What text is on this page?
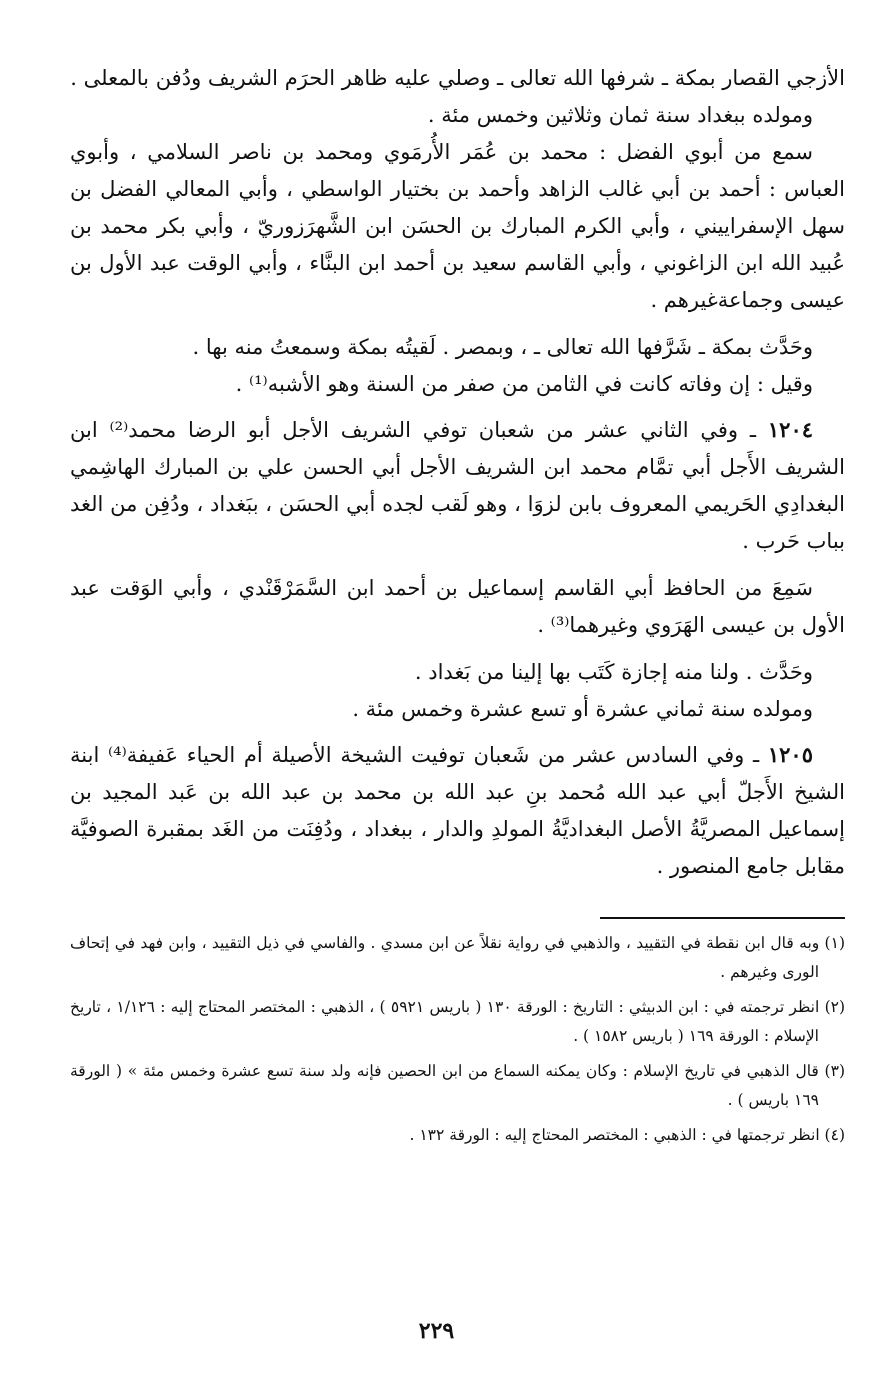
الأزجي القصار بمكة ـ شرفها الله تعالى ـ وصلي عليه ظاهر الحرَم الشريف ودُفن بالمعلى .

ومولده ببغداد سنة ثمان وثلاثين وخمس مئة .

سمع من أبوي الفضل : محمد بن عُمَر الأُرمَوي ومحمد بن ناصر السلامي ، وأبوي العباس : أحمد بن أبي غالب الزاهد وأحمد بن بختيار الواسطي ، وأبي المعالي الفضل بن سهل الإسفراييني ، وأبي الكرم المبارك بن الحسَن ابن الشَّهرَزوريّ ، وأبي بكر محمد بن عُبيد الله ابن الزاغوني ، وأبي القاسم سعيد بن أحمد ابن البنَّاء ، وأبي الوقت عبد الأول بن عيسى وجماعةغيرهم .

وحَدَّث بمكة ـ شَرَّفها الله تعالى ـ ، وبمصر . لَقيتُه بمكة وسمعتُ منه بها .

وقيل : إن وفاته كانت في الثامن من صفر من السنة وهو الأشبه⁽¹⁾ .

١٢٠٤ ـ وفي الثاني عشر من شعبان توفي الشريف الأجل أبو الرضا محمد⁽²⁾ ابن الشريف الأَجل أبي تمَّام محمد ابن الشريف الأجل أبي الحسن علي بن المبارك الهاشِمي البغدادِي الحَريمي المعروف بابن لزوَا ، وهو لَقب لجده أبي الحسَن ، ببَغداد ، ودُفِن من الغد بباب حَرب .

سَمِعَ من الحافظ أبي القاسم إسماعيل بن أحمد ابن السَّمَرْقَنْدي ، وأبي الوَقت عبد الأول بن عيسى الهَرَوي وغيرهما⁽³⁾ .

وحَدَّث . ولنا منه إجازة كَتَب بها إلينا من بَغداد .

ومولده سنة ثماني عشرة أو تسع عشرة وخمس مئة .

١٢٠٥ ـ وفي السادس عشر من شَعبان توفيت الشيخة الأصيلة أم الحياء عَفيفة⁽⁴⁾ ابنة الشيخ الأَجلّ أبي عبد الله مُحمد بنِ عبد الله بن محمد بن عبد الله بن عَبد المجيد بن إسماعيل المصريَّةُ الأصل البغداديَّةُ المولدِ والدار ، ببغداد ، ودُفِنَت من الغَد بمقبرة الصوفيَّة مقابل جامع المنصور .

(١) وبه قال ابن نقطة في التقييد ، والذهبي في رواية نقلاً عن ابن مسدي . والفاسي في ذيل التقييد ، وابن فهد في إتحاف الورى وغيرهم .

(٢) انظر ترجمته في : ابن الدبيثي : التاريخ : الورقة ١٣٠ ( باريس ٥٩٢١ ) ، الذهبي : المختصر المحتاج إليه : ١/١٢٦ ، تاريخ الإسلام : الورقة ١٦٩ ( باريس ١٥٨٢ ) .

(٣) قال الذهبي في تاريخ الإسلام : وكان يمكنه السماع من ابن الحصين فإنه ولد سنة تسع عشرة وخمس مئة » ( الورقة ١٦٩ باريس ) .

(٤) انظر ترجمتها في : الذهبي : المختصر المحتاج إليه : الورقة ١٣٢ .

٢٢٩
